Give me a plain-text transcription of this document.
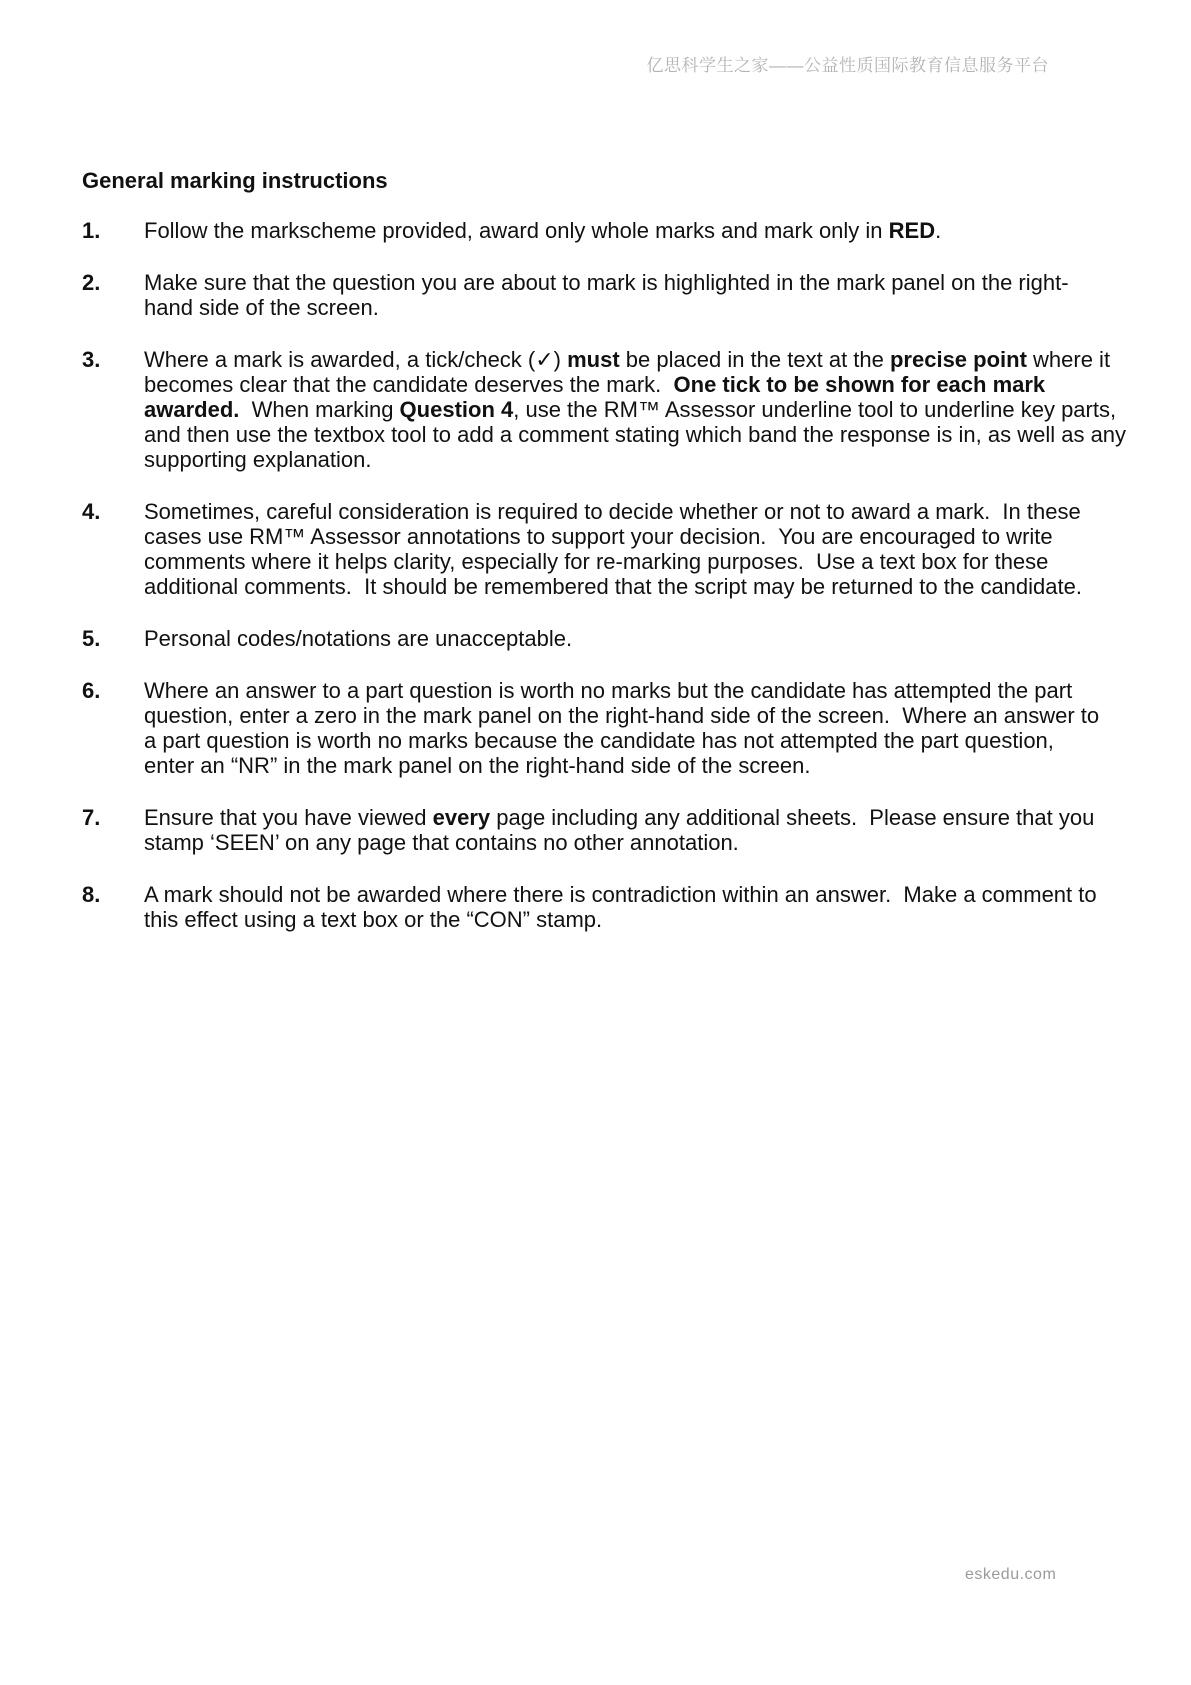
亿思科学生之家——公益性质国际教育信息服务平台
General marking instructions
1.	Follow the markscheme provided, award only whole marks and mark only in RED.
2.	Make sure that the question you are about to mark is highlighted in the mark panel on the right-
hand side of the screen.
3.	Where a mark is awarded, a tick/check (✓) must be placed in the text at the precise point where it
becomes clear that the candidate deserves the mark.  One tick to be shown for each mark
awarded.  When marking Question 4, use the RM™ Assessor underline tool to underline key parts,
and then use the textbox tool to add a comment stating which band the response is in, as well as any
supporting explanation.
4.	Sometimes, careful consideration is required to decide whether or not to award a mark.  In these
cases use RM™ Assessor annotations to support your decision.  You are encouraged to write
comments where it helps clarity, especially for re-marking purposes.  Use a text box for these
additional comments.  It should be remembered that the script may be returned to the candidate.
5.	Personal codes/notations are unacceptable.
6.	Where an answer to a part question is worth no marks but the candidate has attempted the part
question, enter a zero in the mark panel on the right-hand side of the screen.  Where an answer to
a part question is worth no marks because the candidate has not attempted the part question,
enter an “NR” in the mark panel on the right-hand side of the screen.
7.	Ensure that you have viewed every page including any additional sheets.  Please ensure that you
stamp ‘SEEN’ on any page that contains no other annotation.
8.	A mark should not be awarded where there is contradiction within an answer.  Make a comment to
this effect using a text box or the “CON” stamp.
eskedu.com
